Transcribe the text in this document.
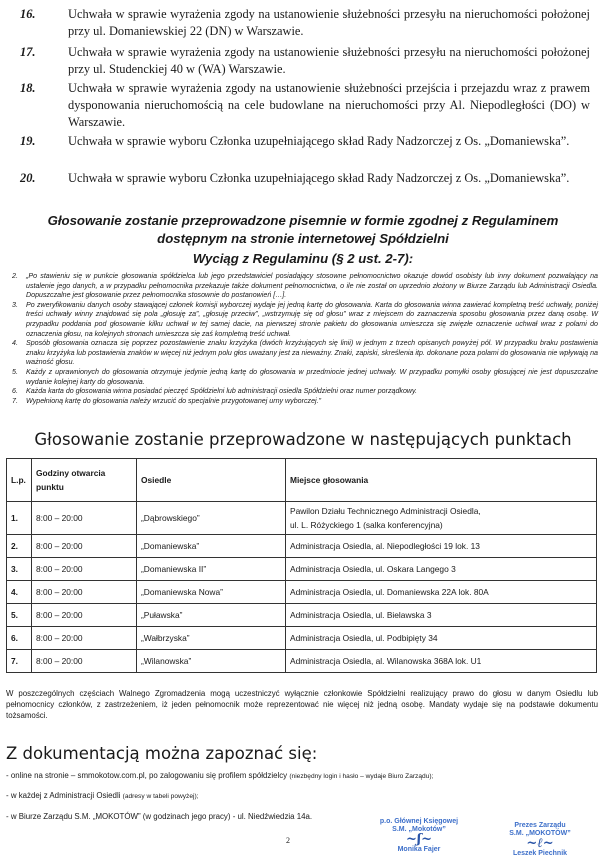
16.	Uchwała w sprawie wyrażenia zgody na ustanowienie służebności przesyłu na nieruchomości położonej przy ul. Domaniewskiej 22 (DN) w Warszawie.
17.	Uchwała w sprawie wyrażenia zgody na ustanowienie służebności przesyłu na nieruchomości położonej przy ul. Studenckiej 40 w (WA) Warszawie.
18.	Uchwała w sprawie wyrażenia zgody na ustanowienie służebności przejścia i przejazdu wraz z prawem dysponowania nieruchomością na cele budowlane na nieruchomości przy Al. Niepodległości (DO) w Warszawie.
19.	Uchwała w sprawie wyboru Członka uzupełniającego skład Rady Nadzorczej z Os. „Domaniewska”.
20.	Uchwała w sprawie wyboru Członka uzupełniającego skład Rady Nadzorczej z Os. „Domaniewska”.
Głosowanie zostanie przeprowadzone pisemnie w formie zgodnej z Regulaminem
dostępnym na stronie internetowej Spółdzielni
Wyciąg z Regulaminu (§ 2 ust. 2-7):
2. „Po stawieniu się w punkcie głosowania spółdzielca lub jego przedstawiciel posiadający stosowne pełnomocnictwo okazuje dowód osobisty lub inny dokument pozwalający na ustalenie jego danych, a w przypadku pełnomocnika przekazuje także dokument pełnomocnictwa, o ile nie został on uprzednio złożony w Biurze Zarządu lub Administracji Osiedla. Dopuszczalne jest głosowanie przez pełnomocnika stosownie do postanowień […].
3. Po zweryfikowaniu danych osoby stawającej członek komisji wyborczej wydaje jej jedną kartę do głosowania. Karta do głosowania winna zawierać kompletną treść uchwały, poniżej treści uchwały winny znajdować się pola „głosuję za”, „głosuję przeciw”, „wstrzymuję się od głosu” wraz z miejscem do zaznaczenia sposobu głosowania przez daną osobę. W przypadku poddania pod głosowanie kilku uchwał w tej samej dacie, na pierwszej stronie pakietu do głosowania umieszcza się zwięzłe oznaczenie uchwał wraz z polami do oznaczenia głosu, na kolejnych stronach umieszcza się zaś kompletną treść uchwał.
4. Sposób głosowania oznacza się poprzez pozostawienie znaku krzyżyka (dwóch krzyżujących się linii) w jednym z trzech opisanych powyżej pól. W przypadku braku postawienia znaku krzyżyka lub postawienia znaków w więcej niż jednym polu głos uważany jest za nieważny. Znaki, zapiski, skreślenia itp. dokonane poza polami do głosowania nie wpływają na ważność głosu.
5. Każdy z uprawnionych do głosowania otrzymuje jedynie jedną kartę do głosowania w przedmiocie jednej uchwały. W przypadku pomyłki osoby głosującej nie jest dopuszczalne wydanie kolejnej karty do głosowania.
6. Każda karta do głosowania winna posiadać pieczęć Spółdzielni lub administracji osiedla Spółdzielni oraz numer porządkowy.
7. Wypełnioną kartę do głosowania należy wrzucić do specjalnie przygotowanej urny wyborczej.”
Głosowanie zostanie przeprowadzone w następujących punktach
L.p.	Godziny otwarcia punktu	Osiedle	Miejsce głosowania
1.	8:00 – 20:00	„Dąbrowskiego”	Pawilon Działu Technicznego Administracji Osiedla,
ul. L. Różyckiego 1 (salka konferencyjna)

2.	8:00 – 20:00	„Domaniewska”	Administracja Osiedla, al. Niepodległości 19 lok. 13
3.	8:00 – 20:00	„Domaniewska II”	Administracja Osiedla, ul. Oskara Langego 3
4.	8:00 – 20:00	„Domaniewska Nowa”	Administracja Osiedla, ul. Domaniewska 22A lok. 80A
5.	8:00 – 20:00	„Puławska”	Administracja Osiedla, ul. Bielawska 3
6.	8:00 – 20:00	„Wałbrzyska”	Administracja Osiedla, ul. Podbipięty 34
7.	8:00 – 20:00	„Wilanowska”	Administracja Osiedla, al. Wilanowska 368A lok. U1
W poszczególnych częściach Walnego Zgromadzenia mogą uczestniczyć wyłącznie członkowie Spółdzielni realizujący prawo do głosu w danym Osiedlu lub pełnomocnicy członków, z zastrzeżeniem, iż jeden pełnomocnik może reprezentować nie więcej niż jedną osobę. Mandaty wydaje się na podstawie dokumentu tożsamości.
Z dokumentacją można zapoznać się:
- online na stronie – smmokotow.com.pl, po zalogowaniu się profilem spółdzielcy (niezbędny login i hasło – wydaje Biuro Zarządu);
- w każdej z Administracji Osiedli (adresy w tabeli powyżej);
- w Biurze Zarządu S.M. „MOKOTÓW” (w godzinach jego pracy) - ul. Niedźwiedzia 14a.
2
p.o. Głównej Księgowej
S.M. „Mokotów”
~ʃ~
Monika Fajer
Prezes Zarządu
S.M. „MOKOTÓW”
~ℓ~
Leszek Piechnik
